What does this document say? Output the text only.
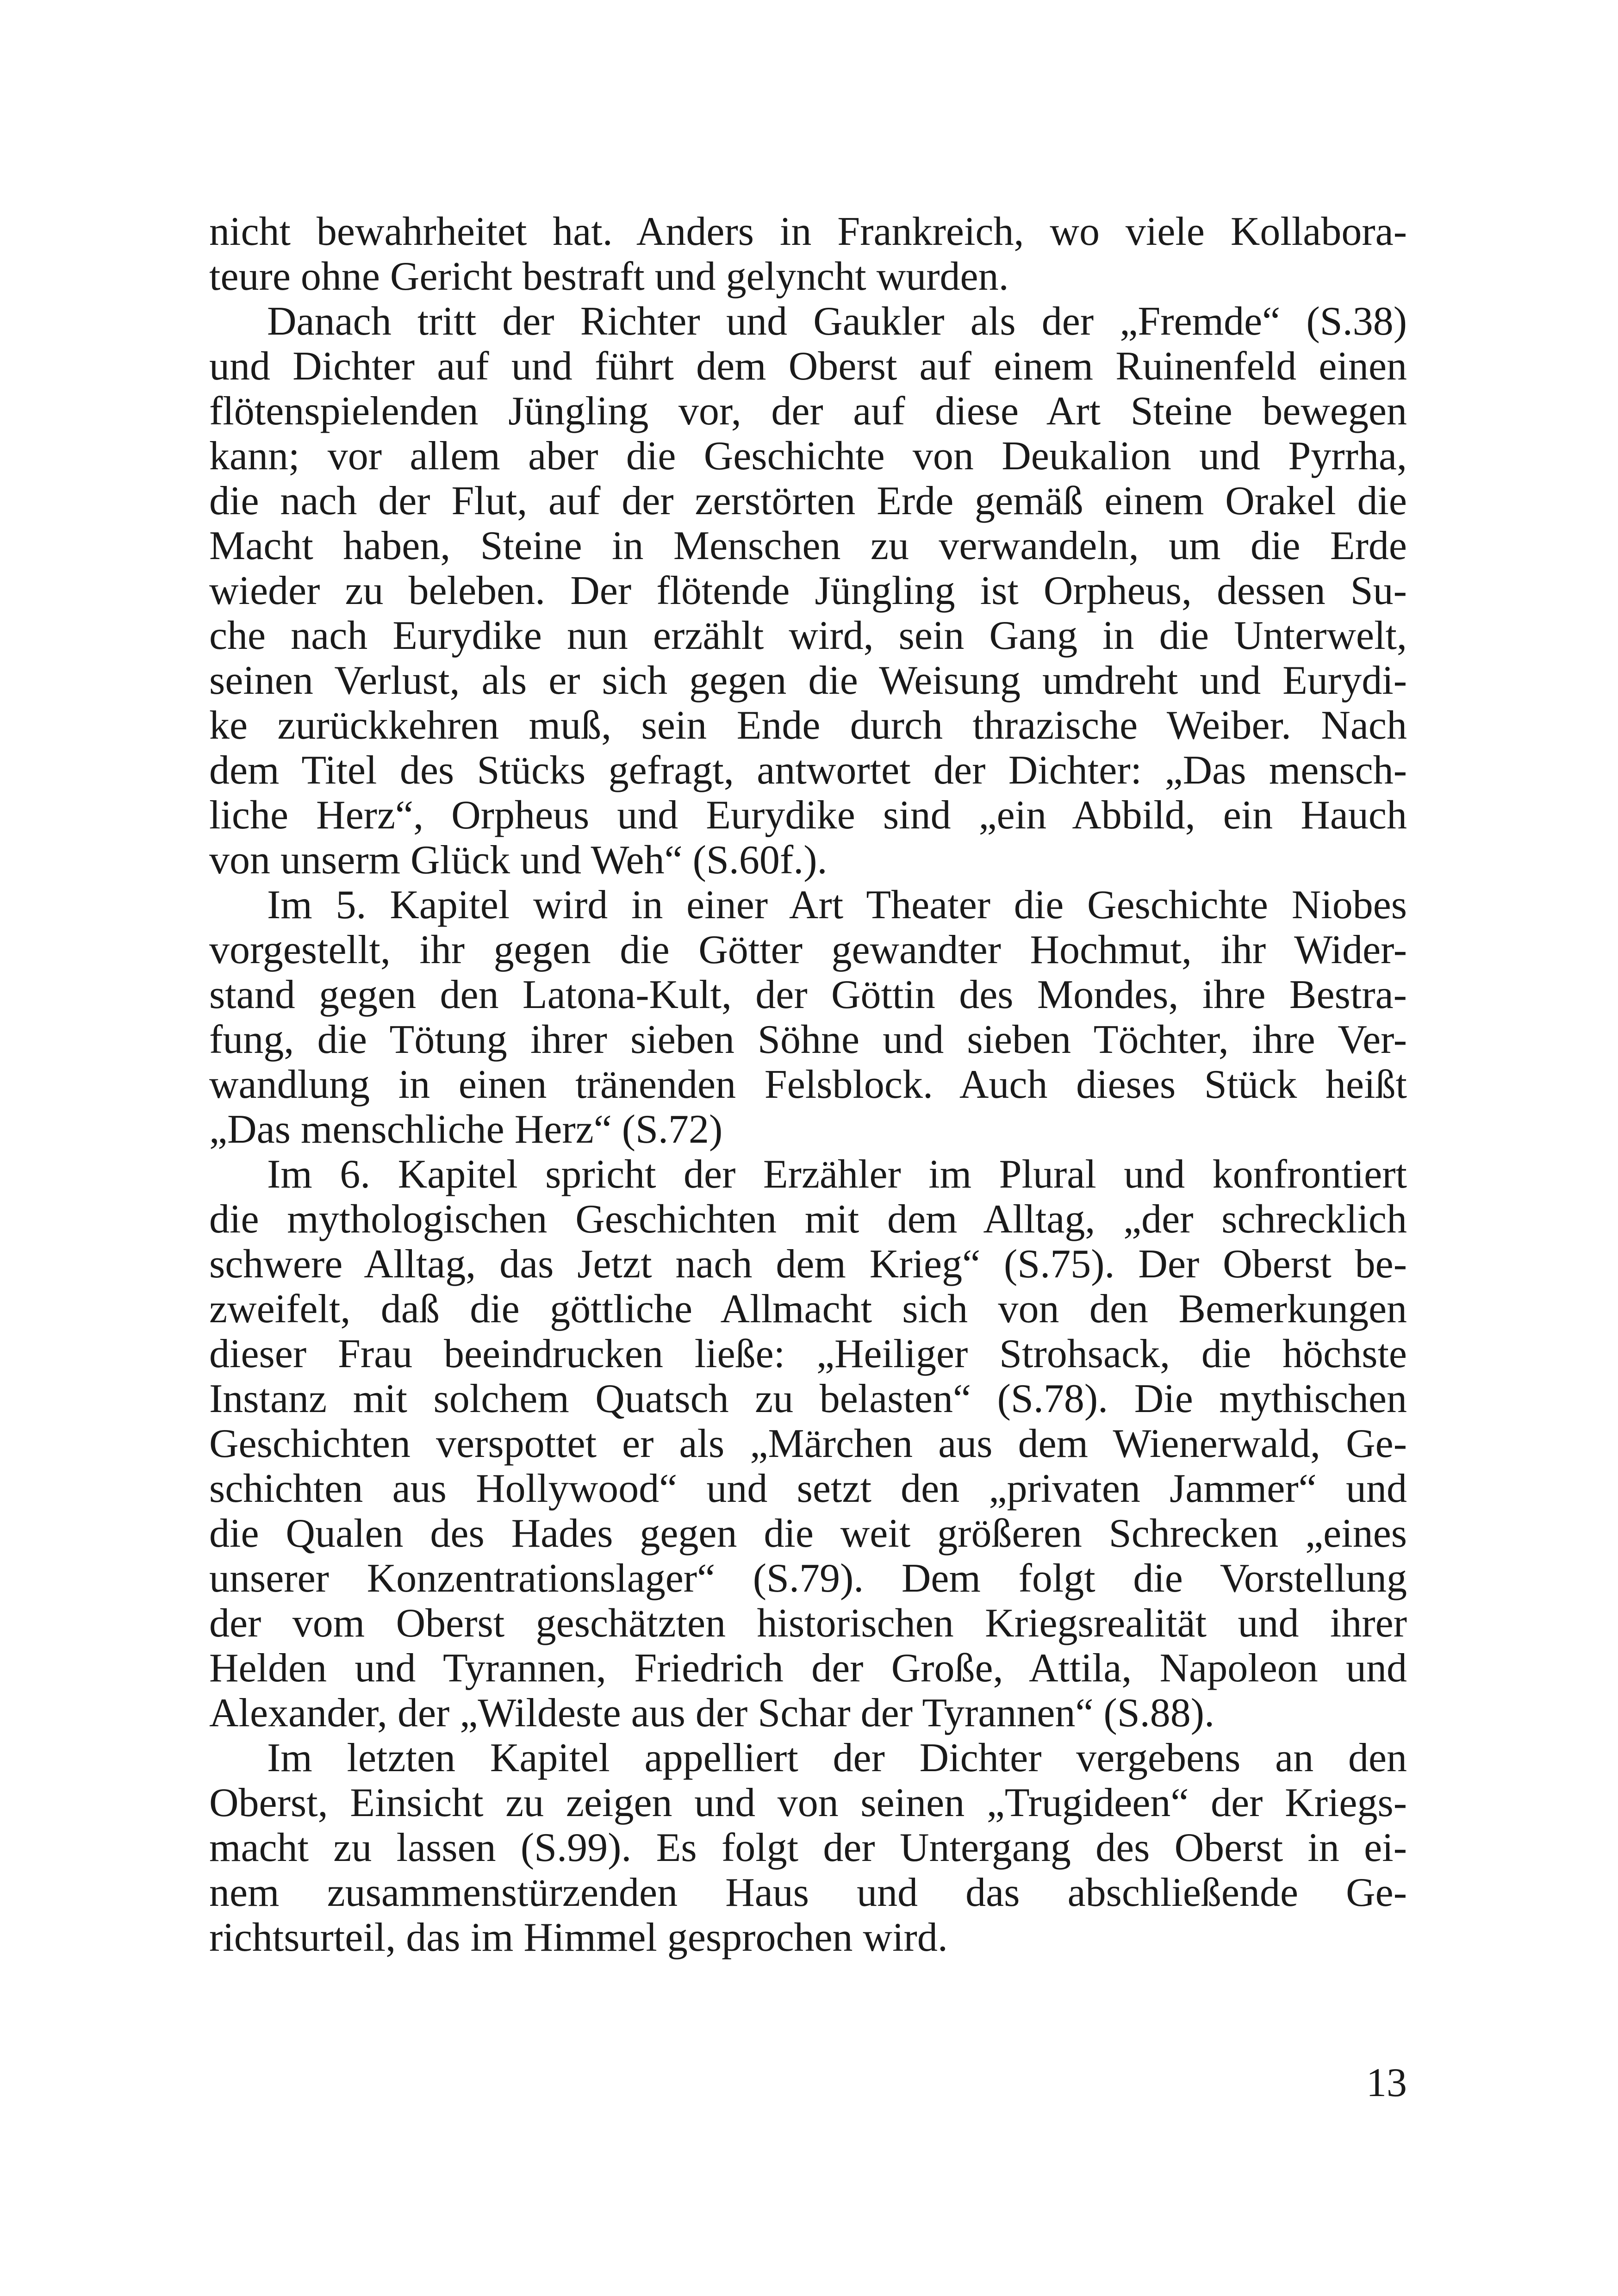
nicht bewahrheitet hat. Anders in Frankreich, wo viele Kollabora-
teure ohne Gericht bestraft und gelyncht wurden.
Danach tritt der Richter und Gaukler als der „Fremde“ (S.38)
und Dichter auf und führt dem Oberst auf einem Ruinenfeld einen
flötenspielenden Jüngling vor, der auf diese Art Steine bewegen
kann; vor allem aber die Geschichte von Deukalion und Pyrrha,
die nach der Flut, auf der zerstörten Erde gemäß einem Orakel die
Macht haben, Steine in Menschen zu verwandeln, um die Erde
wieder zu beleben. Der flötende Jüngling ist Orpheus, dessen Su-
che nach Eurydike nun erzählt wird, sein Gang in die Unterwelt,
seinen Verlust, als er sich gegen die Weisung umdreht und Eurydi-
ke zurückkehren muß, sein Ende durch thrazische Weiber. Nach
dem Titel des Stücks gefragt, antwortet der Dichter: „Das mensch-
liche Herz“, Orpheus und Eurydike sind „ein Abbild, ein Hauch
von unserm Glück und Weh“ (S.60f.).
Im 5. Kapitel wird in einer Art Theater die Geschichte Niobes
vorgestellt, ihr gegen die Götter gewandter Hochmut, ihr Wider-
stand gegen den Latona-Kult, der Göttin des Mondes, ihre Bestra-
fung, die Tötung ihrer sieben Söhne und sieben Töchter, ihre Ver-
wandlung in einen tränenden Felsblock. Auch dieses Stück heißt
„Das menschliche Herz“ (S.72)
Im 6. Kapitel spricht der Erzähler im Plural und konfrontiert
die mythologischen Geschichten mit dem Alltag, „der schrecklich
schwere Alltag, das Jetzt nach dem Krieg“ (S.75). Der Oberst be-
zweifelt, daß die göttliche Allmacht sich von den Bemerkungen
dieser Frau beeindrucken ließe: „Heiliger Strohsack, die höchste
Instanz mit solchem Quatsch zu belasten“ (S.78). Die mythischen
Geschichten verspottet er als „Märchen aus dem Wienerwald, Ge-
schichten aus Hollywood“ und setzt den „privaten Jammer“ und
die Qualen des Hades gegen die weit größeren Schrecken „eines
unserer Konzentrationslager“ (S.79). Dem folgt die Vorstellung
der vom Oberst geschätzten historischen Kriegsrealität und ihrer
Helden und Tyrannen, Friedrich der Große, Attila, Napoleon und
Alexander, der „Wildeste aus der Schar der Tyrannen“ (S.88).
Im letzten Kapitel appelliert der Dichter vergebens an den
Oberst, Einsicht zu zeigen und von seinen „Trugideen“ der Kriegs-
macht zu lassen (S.99). Es folgt der Untergang des Oberst in ei-
nem zusammenstürzenden Haus und das abschließende Ge-
richtsurteil, das im Himmel gesprochen wird.
13
